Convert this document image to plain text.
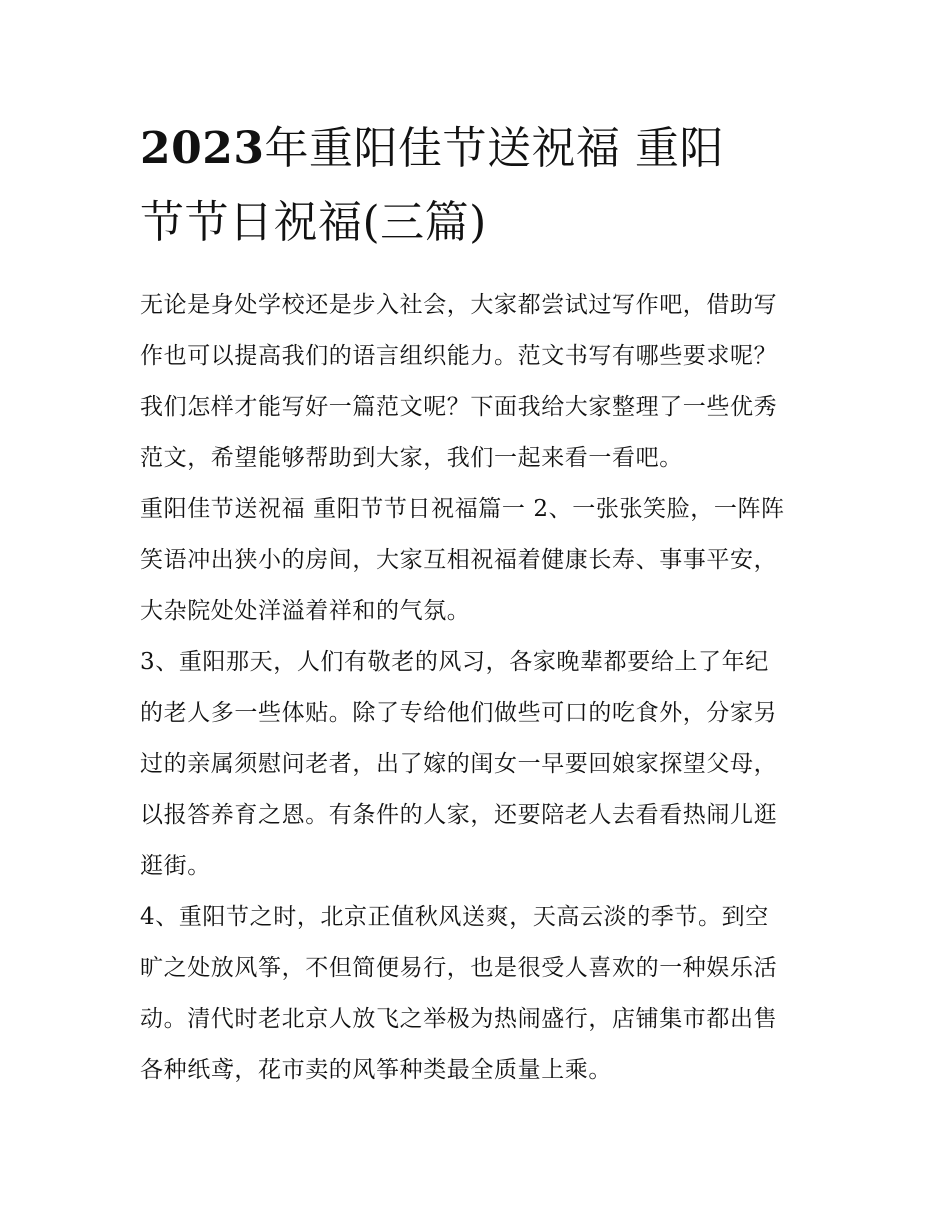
2023年重阳佳节送祝福 重阳
节节日祝福(三篇)

无论是身处学校还是步入社会，大家都尝试过写作吧，借助写
作也可以提高我们的语言组织能力。范文书写有哪些要求呢？
我们怎样才能写好一篇范文呢？下面我给大家整理了一些优秀
范文，希望能够帮助到大家，我们一起来看一看吧。

重阳佳节送祝福 重阳节节日祝福篇一 2、一张张笑脸，一阵阵
笑语冲出狭小的房间，大家互相祝福着健康长寿、事事平安，
大杂院处处洋溢着祥和的气氛。

3、重阳那天，人们有敬老的风习，各家晚辈都要给上了年纪
的老人多一些体贴。除了专给他们做些可口的吃食外，分家另
过的亲属须慰问老者，出了嫁的闺女一早要回娘家探望父母，
以报答养育之恩。有条件的人家，还要陪老人去看看热闹儿逛
逛街。

4、重阳节之时，北京正值秋风送爽，天高云淡的季节。到空
旷之处放风筝，不但简便易行，也是很受人喜欢的一种娱乐活
动。清代时老北京人放飞之举极为热闹盛行，店铺集市都出售
各种纸鸢，花市卖的风筝种类最全质量上乘。
